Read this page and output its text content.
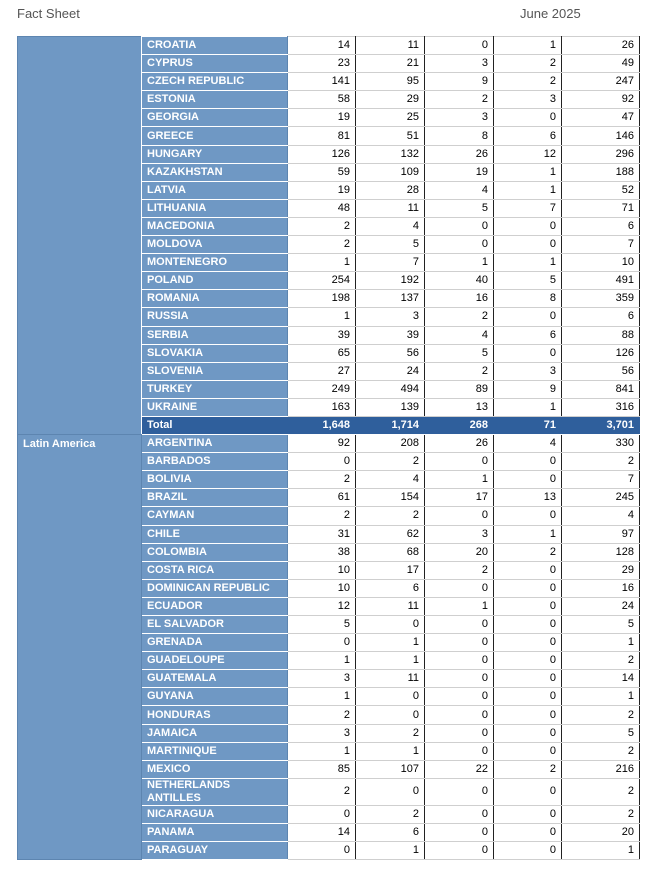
Fact Sheet	June 2025
	CROATIA	14	11	0	1	26
	CYPRUS	23	21	3	2	49
	CZECH REPUBLIC	141	95	9	2	247
	ESTONIA	58	29	2	3	92
	GEORGIA	19	25	3	0	47
	GREECE	81	51	8	6	146
	HUNGARY	126	132	26	12	296
	KAZAKHSTAN	59	109	19	1	188
	LATVIA	19	28	4	1	52
	LITHUANIA	48	11	5	7	71
	MACEDONIA	2	4	0	0	6
	MOLDOVA	2	5	0	0	7
	MONTENEGRO	1	7	1	1	10
	POLAND	254	192	40	5	491
	ROMANIA	198	137	16	8	359
	RUSSIA	1	3	2	0	6
	SERBIA	39	39	4	6	88
	SLOVAKIA	65	56	5	0	126
	SLOVENIA	27	24	2	3	56
	TURKEY	249	494	89	9	841
	UKRAINE	163	139	13	1	316
	Total	1,648	1,714	268	71	3,701
Latin America	ARGENTINA	92	208	26	4	330
	BARBADOS	0	2	0	0	2
	BOLIVIA	2	4	1	0	7
	BRAZIL	61	154	17	13	245
	CAYMAN	2	2	0	0	4
	CHILE	31	62	3	1	97
	COLOMBIA	38	68	20	2	128
	COSTA RICA	10	17	2	0	29
	DOMINICAN REPUBLIC	10	6	0	0	16
	ECUADOR	12	11	1	0	24
	EL SALVADOR	5	0	0	0	5
	GRENADA	0	1	0	0	1
	GUADELOUPE	1	1	0	0	2
	GUATEMALA	3	11	0	0	14
	GUYANA	1	0	0	0	1
	HONDURAS	2	0	0	0	2
	JAMAICA	3	2	0	0	5
	MARTINIQUE	1	1	0	0	2
	MEXICO	85	107	22	2	216
	NETHERLANDS ANTILLES	2	0	0	0	2
	NICARAGUA	0	2	0	0	2
	PANAMA	14	6	0	0	20
	PARAGUAY	0	1	0	0	1
